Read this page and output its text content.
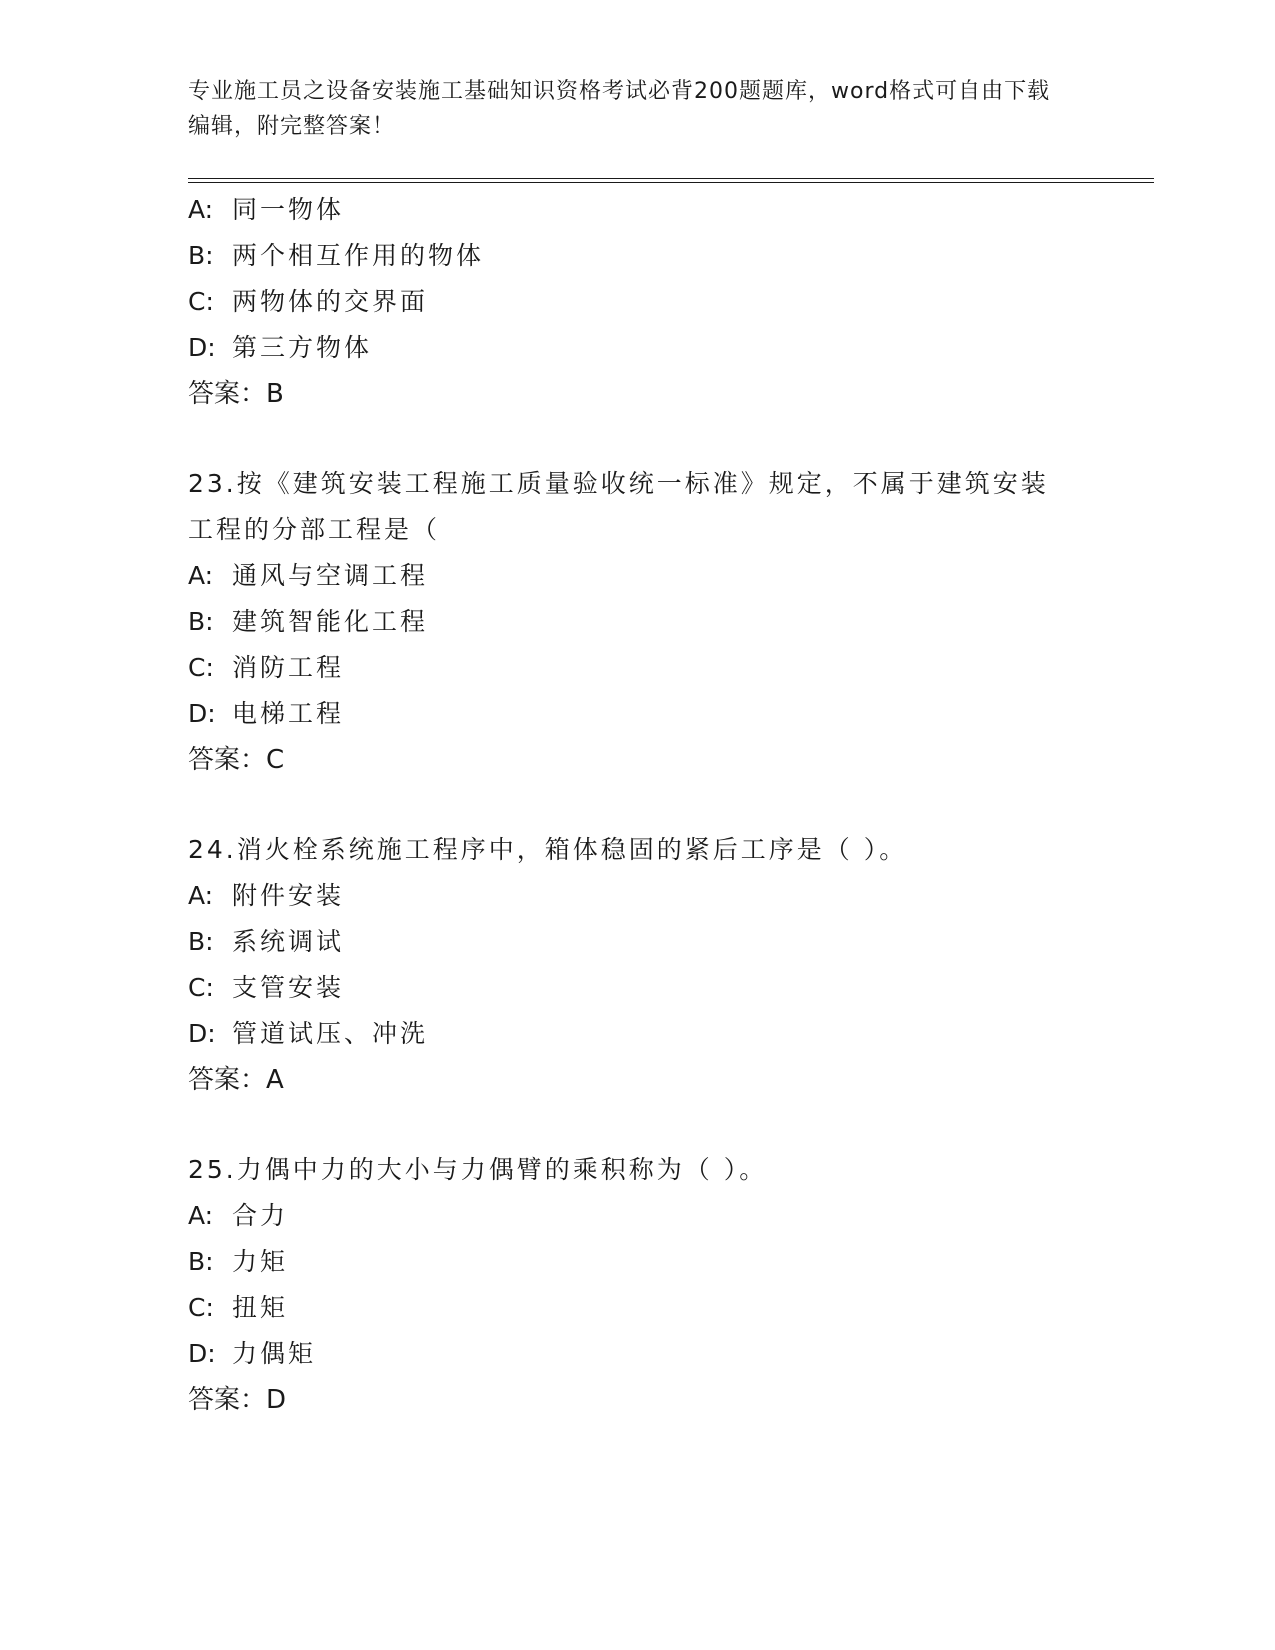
专业施工员之设备安装施工基础知识资格考试必背200题题库，word格式可自由下载编辑，附完整答案！
A: 同一物体
B: 两个相互作用的物体
C: 两物体的交界面
D: 第三方物体
答案：B
23.按《建筑安装工程施工质量验收统一标准》规定，不属于建筑安装
工程的分部工程是（
A: 通风与空调工程
B: 建筑智能化工程
C: 消防工程
D: 电梯工程
答案：C
24.消火栓系统施工程序中，箱体稳固的紧后工序是（ ）。
A: 附件安装
B: 系统调试
C: 支管安装
D: 管道试压、冲洗
答案：A
25.力偶中力的大小与力偶臂的乘积称为（ ）。
A: 合力
B: 力矩
C: 扭矩
D: 力偶矩
答案：D
